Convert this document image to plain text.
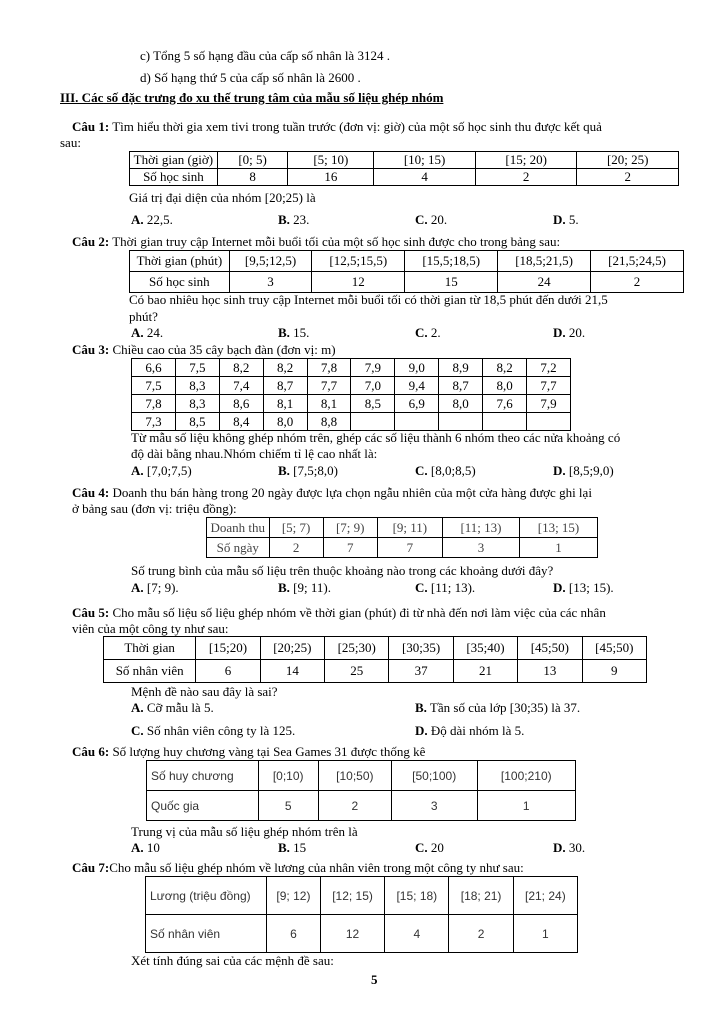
c) Tổng 5 số hạng đầu của cấp số nhân là 3124 .
d) Số hạng thứ 5 của cấp số nhân là 2600 .
III. Các số đặc trưng đo xu thế trung tâm của mẫu số liệu ghép nhóm
Câu 1: Tìm hiểu thời gia xem tivi trong tuần trước (đơn vị: giờ) của một số học sinh thu được kết quả
sau:
Thời gian (giờ)	[0; 5)	[5; 10)	[10; 15)	[15; 20)	[20; 25)
Số học sinh	8	16	4	2	2
Giá trị đại diện của nhóm [20;25) là
A. 22,5.	B. 23.	C. 20.	D. 5.
Câu 2: Thời gian truy cập Internet mỗi buổi tối của một số học sinh được cho trong bảng sau:
Thời gian (phút)	[9,5;12,5)	[12,5;15,5)	[15,5;18,5)	[18,5;21,5)	[21,5;24,5)
Số học sinh	3	12	15	24	2
Có bao nhiêu học sinh truy cập Internet mỗi buổi tối có thời gian từ 18,5 phút đến dưới 21,5
phút?
A. 24.	B. 15.	C. 2.	D. 20.
Câu 3: Chiều cao của 35 cây bạch đàn (đơn vị: m)
6,6	7,5	8,2	8,2	7,8	7,9	9,0	8,9	8,2	7,2
7,5	8,3	7,4	8,7	7,7	7,0	9,4	8,7	8,0	7,7
7,8	8,3	8,6	8,1	8,1	8,5	6,9	8,0	7,6	7,9
7,3	8,5	8,4	8,0	8,8					
Từ mẫu số liệu không ghép nhóm trên, ghép các số liệu thành 6 nhóm theo các nửa khoảng có
độ dài bằng nhau.Nhóm chiếm tỉ lệ cao nhất là:
A. [7,0;7,5)	B. [7,5;8,0)	C. [8,0;8,5)	D. [8,5;9,0)
Câu 4: Doanh thu bán hàng trong 20 ngày được lựa chọn ngẫu nhiên của một cửa hàng được ghi lại
ở bảng sau (đơn vị: triệu đồng):
Doanh thu	[5; 7)	[7; 9)	[9; 11)	[11; 13)	[13; 15)
Số ngày	2	7	7	3	1
Số trung bình của mẫu số liệu trên thuộc khoảng nào trong các khoảng dưới đây?
A. [7; 9).	B. [9; 11).	C. [11; 13).	D. [13; 15).
Câu 5: Cho mẫu số liệu số liệu ghép nhóm về thời gian (phút) đi từ nhà đến nơi làm việc của các nhân
viên của một công ty như sau:
Thời gian	[15;20)	[20;25)	[25;30)	[30;35)	[35;40)	[45;50)	[45;50)
Số nhân viên	6	14	25	37	21	13	9
Mệnh đề nào sau đây là sai?
A. Cỡ mẫu là 5.	B. Tần số của lớp [30;35) là 37.
C. Số nhân viên công ty là 125.	D. Độ dài nhóm là 5.
Câu 6: Số lượng huy chương vàng tại Sea Games 31 được thống kê
Số huy chương	[0;10)	[10;50)	[50;100)	[100;210)
Quốc gia	5	2	3	1
Trung vị của mẫu số liệu ghép nhóm trên là
A. 10	B. 15	C. 20	D. 30.
Câu 7:Cho mẫu số liệu ghép nhóm về lương của nhân viên trong một công ty như sau:
Lương (triệu đồng)	[9; 12)	[12; 15)	[15; 18)	[18; 21)	[21; 24)
Số nhân viên	6	12	4	2	1
Xét tính đúng sai của các mệnh đề sau:
5
